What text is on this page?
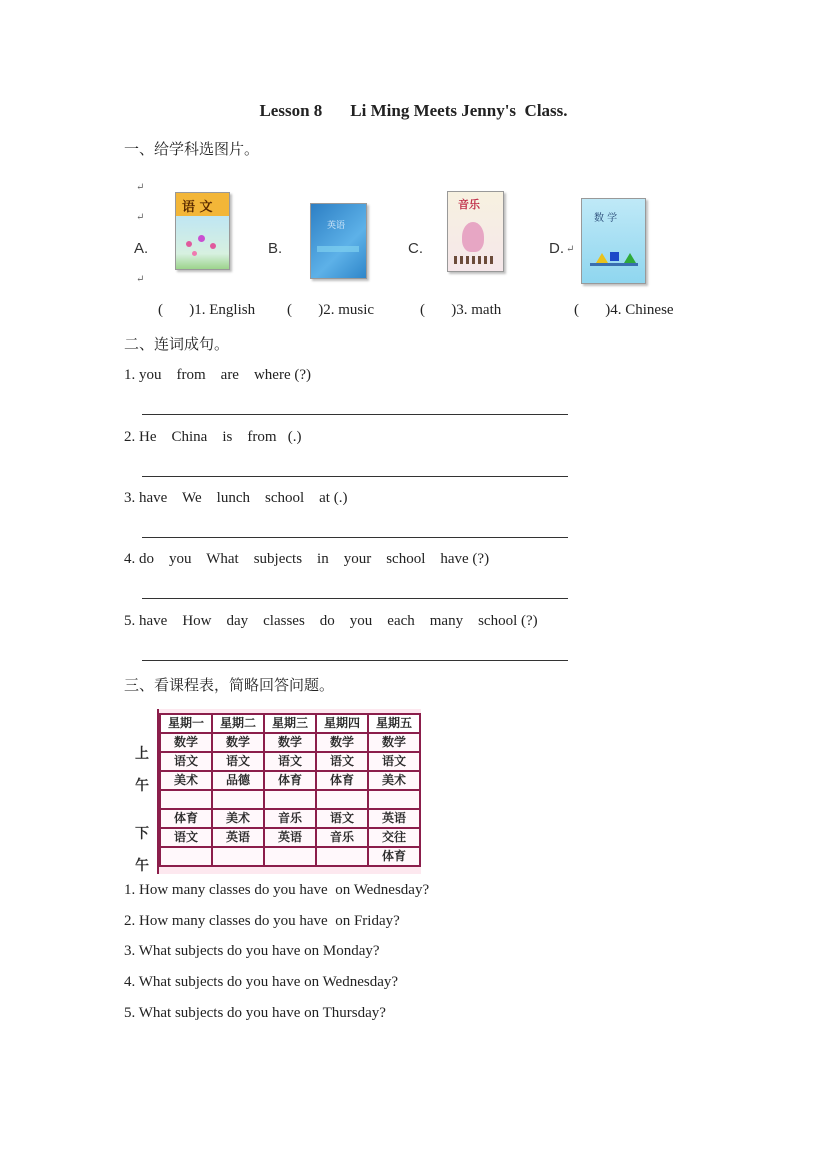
Lesson 8 Li Ming Meets Jenny's  Class.
一、给学科选图片。
↵
↵
↵
A.
语 文
B.
英语
C.
音乐
D. ↵
数 学
(       )1. English (       )2. music	(       )3. math	(       )4. Chinese
二、连词成句。
1. you    from    are    where (?)
2. He    China    is    from   (.)
3. have    We    lunch    school    at (.)
4. do    you    What    subjects    in    your    school    have (?)
5. have    How    day    classes    do    you    each    many    school (?)
三、看课程表，简略回答问题。
上
午
下
午
星期一	星期二	星期三	星期四	星期五
数学	数学	数学	数学	数学
语文	语文	语文	语文	语文
美术	品德	体育	体育	美术

体育	美术	音乐	语文	英语
语文	英语	英语	音乐	交往
				体育
1. How many classes do you have  on Wednesday?
2. How many classes do you have  on Friday?
3. What subjects do you have on Monday?
4. What subjects do you have on Wednesday?
5. What subjects do you have on Thursday?
